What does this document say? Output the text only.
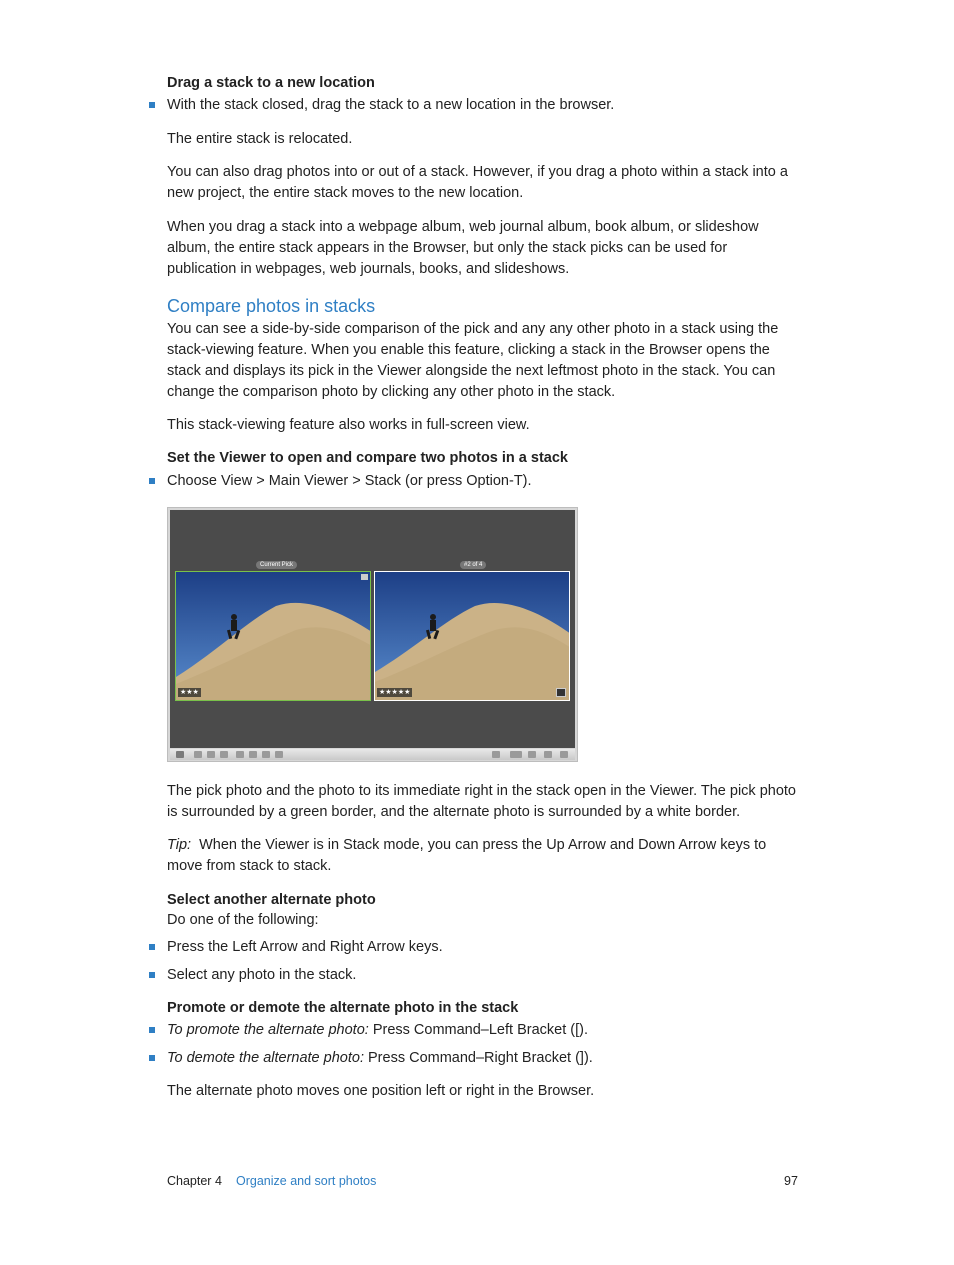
Drag a stack to a new location
With the stack closed, drag the stack to a new location in the browser.

The entire stack is relocated.

You can also drag photos into or out of a stack. However, if you drag a photo within a stack into a new project, the entire stack moves to the new location.

When you drag a stack into a webpage album, web journal album, book album, or slideshow album, the entire stack appears in the Browser, but only the stack picks can be used for publication in webpages, web journals, books, and slideshows.

Compare photos in stacks

You can see a side-by-side comparison of the pick and any any other photo in a stack using the stack-viewing feature. When you enable this feature, clicking a stack in the Browser opens the stack and displays its pick in the Viewer alongside the next leftmost photo in the stack. You can change the comparison photo by clicking any other photo in the stack.

This stack-viewing feature also works in full-screen view.

Set the Viewer to open and compare two photos in a stack
Choose View > Main Viewer > Stack (or press Option-T).
Current Pick	#2 of 4
★★★	★★★★★

The pick photo and the photo to its immediate right in the stack open in the Viewer. The pick photo is surrounded by a green border, and the alternate photo is surrounded by a white border.

Tip: When the Viewer is in Stack mode, you can press the Up Arrow and Down Arrow keys to move from stack to stack.

Select another alternate photo
Do one of the following:
Press the Left Arrow and Right Arrow keys.
Select any photo in the stack.
Promote or demote the alternate photo in the stack
To promote the alternate photo: Press Command–Left Bracket ([).
To demote the alternate photo: Press Command–Right Bracket (]).

The alternate photo moves one position left or right in the Browser.

Chapter 4 Organize and sort photos	97
